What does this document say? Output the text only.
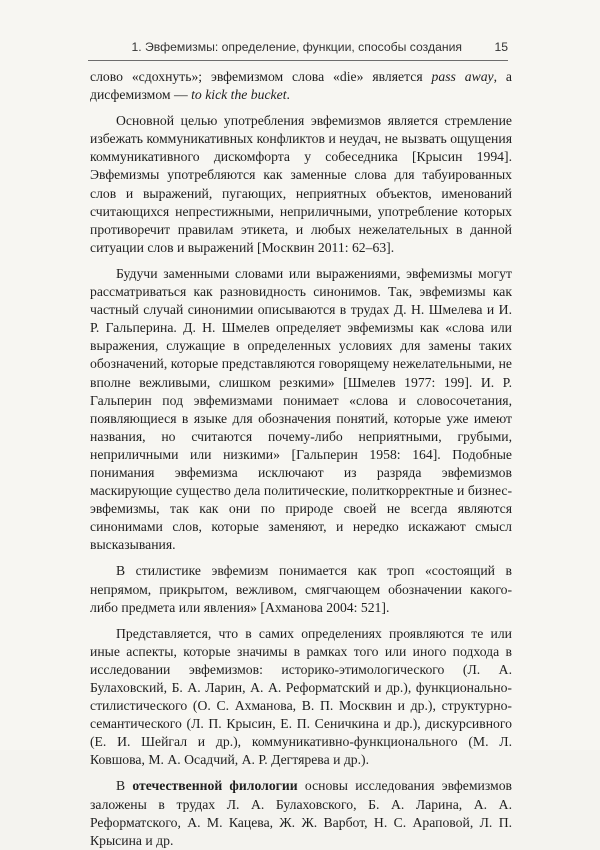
1. Эвфемизмы: определение, функции, способы создания	15

слово «сдохнуть»; эвфемизмом слова «die» является pass away, а дисфемизмом — to kick the bucket.

Основной целью употребления эвфемизмов является стремление избежать коммуникативных конфликтов и неудач, не вызвать ощущения коммуникативного дискомфорта у собеседника [Крысин 1994]. Эвфемизмы употребляются как заменные слова для табуированных слов и выражений, пугающих, неприятных объектов, именований считающихся непрестижными, неприличными, употребление которых противоречит правилам этикета, и любых нежелательных в данной ситуации слов и выражений [Москвин 2011: 62–63].

Будучи заменными словами или выражениями, эвфемизмы могут рассматриваться как разновидность синонимов. Так, эвфемизмы как частный случай синонимии описываются в трудах Д. Н. Шмелева и И. Р. Гальперина. Д. Н. Шмелев определяет эвфемизмы как «слова или выражения, служащие в определенных условиях для замены таких обозначений, которые представляются говорящему нежелательными, не вполне вежливыми, слишком резкими» [Шмелев 1977: 199]. И. Р. Гальперин под эвфемизмами понимает «слова и словосочетания, появляющиеся в языке для обозначения понятий, которые уже имеют названия, но считаются почему-либо неприятными, грубыми, неприличными или низкими» [Гальперин 1958: 164]. Подобные понимания эвфемизма исключают из разряда эвфемизмов маскирующие существо дела политические, политкорректные и бизнес-эвфемизмы, так как они по природе своей не всегда являются синонимами слов, которые заменяют, и нередко искажают смысл высказывания.

В стилистике эвфемизм понимается как троп «состоящий в непрямом, прикрытом, вежливом, смягчающем обозначении какого-либо предмета или явления» [Ахманова 2004: 521].

Представляется, что в самих определениях проявляются те или иные аспекты, которые значимы в рамках того или иного подхода в исследовании эвфемизмов: историко-этимологического (Л. А. Булаховский, Б. А. Ларин, А. А. Реформатский и др.), функционально-стилистического (О. С. Ахманова, В. П. Москвин и др.), структурно-семантического (Л. П. Крысин, Е. П. Сеничкина и др.), дискурсивного (Е. И. Шейгал и др.), коммуникативно-функционального (М. Л. Ковшова, М. А. Осадчий, А. Р. Дегтярева и др.).

В отечественной филологии основы исследования эвфемизмов заложены в трудах Л. А. Булаховского, Б. А. Ларина, А. А. Реформатского, А. М. Кацева, Ж. Ж. Варбот, Н. С. Араповой, Л. П. Крысина и др.
